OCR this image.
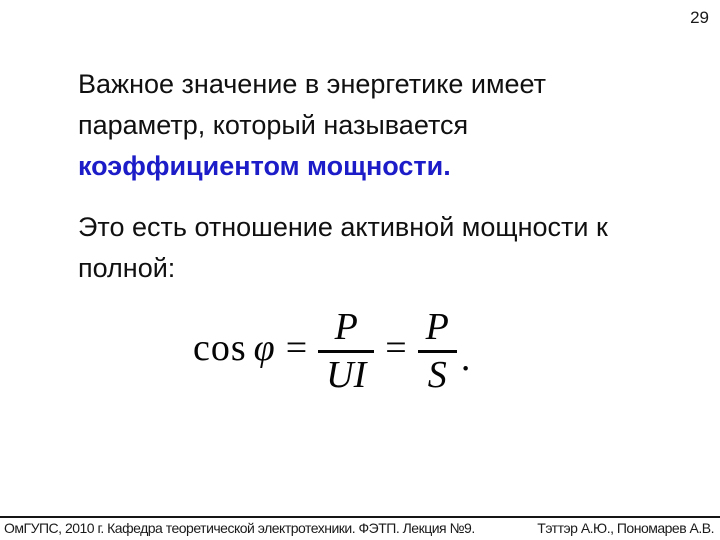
29

Важное значение в энергетике имеет
параметр, который называется
коэффициентом мощности.

Это есть отношение активной мощности к
полной:

$\cos \varphi = \frac{P}{UI} = \frac{P}{S}$ .
ОмГУПС, 2010 г. Кафедра теоретической электротехники. ФЭТП. Лекция №9.	Тэттэр А.Ю., Пономарев А.В.
